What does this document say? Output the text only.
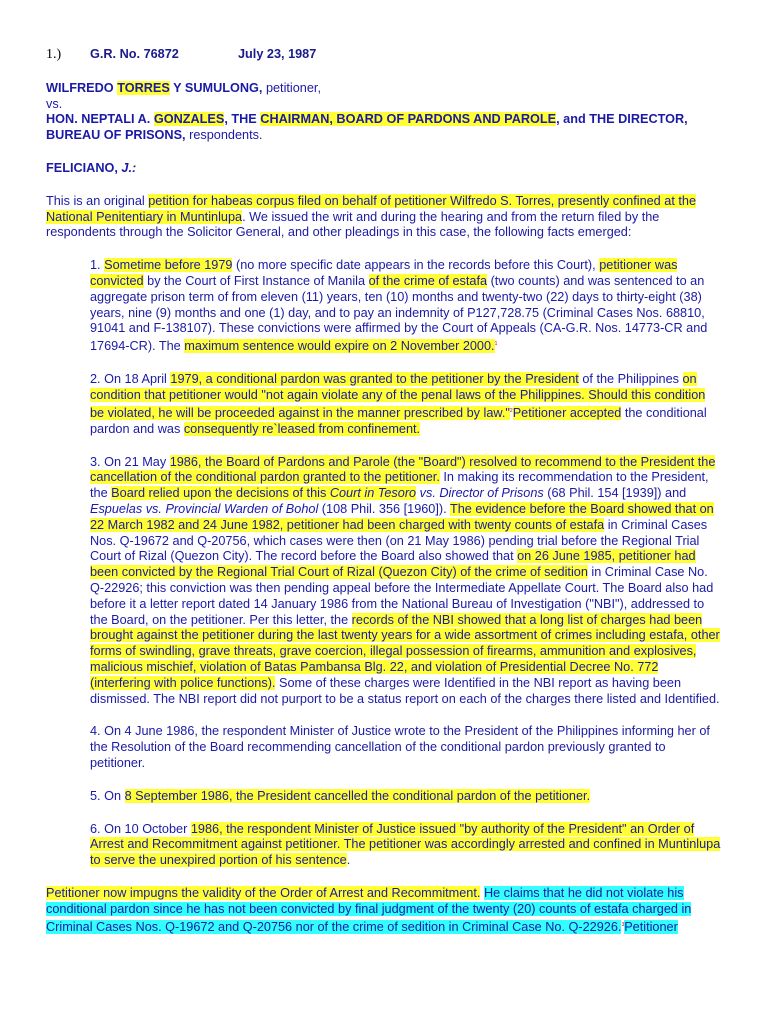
1.) G.R. No. 76872	July 23, 1987
WILFREDO TORRES Y SUMULONG, petitioner,
vs.
HON. NEPTALI A. GONZALES, THE CHAIRMAN, BOARD OF PARDONS AND PAROLE, and THE DIRECTOR, BUREAU OF PRISONS, respondents.
FELICIANO, J.:

This is an original petition for habeas corpus filed on behalf of petitioner Wilfredo S. Torres, presently confined at the National Penitentiary in Muntinlupa. We issued the writ and during the hearing and from the return filed by the respondents through the Solicitor General, and other pleadings in this case, the following facts emerged:

1. Sometime before 1979 (no more specific date appears in the records before this Court), petitioner was convicted by the Court of First Instance of Manila of the crime of estafa (two counts) and was sentenced to an aggregate prison term of from eleven (11) years, ten (10) months and twenty-two (22) days to thirty-eight (38) years, nine (9) months and one (1) day, and to pay an indemnity of P127,728.75 (Criminal Cases Nos. 68810, 91041 and F-138107). These convictions were affirmed by the Court of Appeals (CA-G.R. Nos. 14773-CR and 17694-CR). The maximum sentence would expire on 2 November 2000.$^1$

2. On 18 April 1979, a conditional pardon was granted to the petitioner by the President of the Philippines on condition that petitioner would "not again violate any of the penal laws of the Philippines. Should this condition be violated, he will be proceeded against in the manner prescribed by law."$^2$Petitioner accepted the conditional pardon and was consequently re`leased from confinement.

3. On 21 May 1986, the Board of Pardons and Parole (the "Board") resolved to recommend to the President the cancellation of the conditional pardon granted to the petitioner. In making its recommendation to the President, the Board relied upon the decisions of this Court in Tesoro vs. Director of Prisons (68 Phil. 154 [1939]) and Espuelas vs. Provincial Warden of Bohol (108 Phil. 356 [1960]). The evidence before the Board showed that on 22 March 1982 and 24 June 1982, petitioner had been charged with twenty counts of estafa in Criminal Cases Nos. Q-19672 and Q-20756, which cases were then (on 21 May 1986) pending trial before the Regional Trial Court of Rizal (Quezon City). The record before the Board also showed that on 26 June 1985, petitioner had been convicted by the Regional Trial Court of Rizal (Quezon City) of the crime of sedition in Criminal Case No. Q-22926; this conviction was then pending appeal before the Intermediate Appellate Court. The Board also had before it a letter report dated 14 January 1986 from the National Bureau of Investigation ("NBI"), addressed to the Board, on the petitioner. Per this letter, the records of the NBI showed that a long list of charges had been brought against the petitioner during the last twenty years for a wide assortment of crimes including estafa, other forms of swindling, grave threats, grave coercion, illegal possession of firearms, ammunition and explosives, malicious mischief, violation of Batas Pambansa Blg. 22, and violation of Presidential Decree No. 772 (interfering with police functions). Some of these charges were Identified in the NBI report as having been dismissed. The NBI report did not purport to be a status report on each of the charges there listed and Identified.

4. On 4 June 1986, the respondent Minister of Justice wrote to the President of the Philippines informing her of the Resolution of the Board recommending cancellation of the conditional pardon previously granted to petitioner.

5. On 8 September 1986, the President cancelled the conditional pardon of the petitioner.

6. On 10 October 1986, the respondent Minister of Justice issued "by authority of the President" an Order of Arrest and Recommitment against petitioner. The petitioner was accordingly arrested and confined in Muntinlupa to serve the unexpired portion of his sentence.

Petitioner now impugns the validity of the Order of Arrest and Recommitment. He claims that he did not violate his conditional pardon since he has not been convicted by final judgment of the twenty (20) counts of estafa charged in Criminal Cases Nos. Q-19672 and Q-20756 nor of the crime of sedition in Criminal Case No. Q-22926.$^3$Petitioner
